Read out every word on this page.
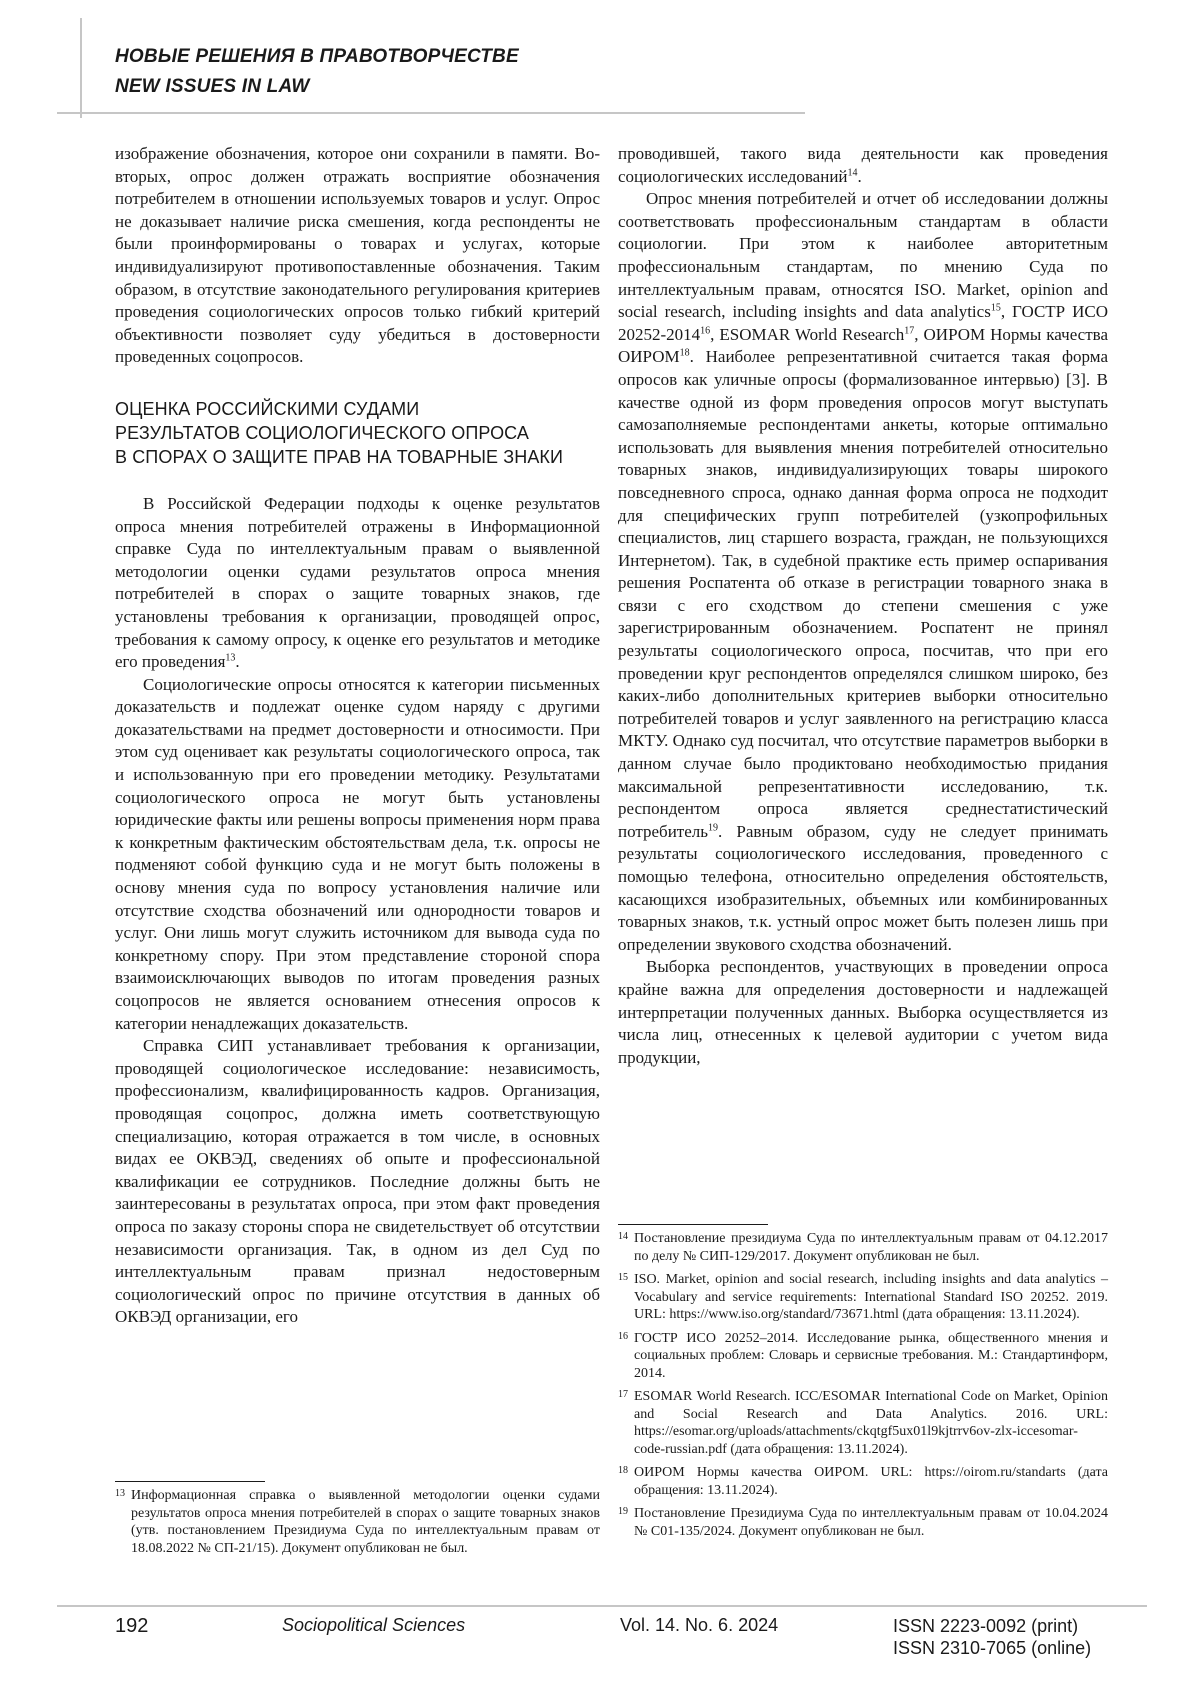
НОВЫЕ РЕШЕНИЯ В ПРАВОТВОРЧЕСТВЕ
NEW ISSUES IN LAW

изображение обозначения, которое они сохранили в памяти. Во-вторых, опрос должен отражать восприятие обозначения потребителем в отношении используемых товаров и услуг. Опрос не доказывает наличие риска смешения, когда респонденты не были проинформированы о товарах и услугах, которые индивидуализируют противопоставленные обозначения. Таким образом, в отсутствие законодательного регулирования критериев проведения социологических опросов только гибкий критерий объективности позволяет суду убедиться в достоверности проведенных соцопросов.

ОЦЕНКА РОССИЙСКИМИ СУДАМИ
РЕЗУЛЬТАТОВ СОЦИОЛОГИЧЕСКОГО ОПРОСА
В СПОРАХ О ЗАЩИТЕ ПРАВ НА ТОВАРНЫЕ ЗНАКИ

В Российской Федерации подходы к оценке результатов опроса мнения потребителей отражены в Информационной справке Суда по интеллектуальным правам о выявленной методологии оценки судами результатов опроса мнения потребителей в спорах о защите товарных знаков, где установлены требования к организации, проводящей опрос, требования к самому опросу, к оценке его результатов и методике его проведения$^{13}$.

Социологические опросы относятся к категории письменных доказательств и подлежат оценке судом наряду с другими доказательствами на предмет достоверности и относимости. При этом суд оценивает как результаты социологического опроса, так и использованную при его проведении методику. Результатами социологического опроса не могут быть установлены юридические факты или решены вопросы применения норм права к конкретным фактическим обстоятельствам дела, т.к. опросы не подменяют собой функцию суда и не могут быть положены в основу мнения суда по вопросу установления наличие или отсутствие сходства обозначений или однородности товаров и услуг. Они лишь могут служить источником для вывода суда по конкретному спору. При этом представление стороной спора взаимоисключающих выводов по итогам проведения разных соцопросов не является основанием отнесения опросов к категории ненадлежащих доказательств.

Справка СИП устанавливает требования к организации, проводящей социологическое исследование: независимость, профессионализм, квалифицированность кадров. Организация, проводящая соцопрос, должна иметь соответствующую специализацию, которая отражается в том числе, в основных видах ее ОКВЭД, сведениях об опыте и профессиональной квалификации ее сотрудников. Последние должны быть не заинтересованы в результатах опроса, при этом факт проведения опроса по заказу стороны спора не свидетельствует об отсутствии независимости организация. Так, в одном из дел Суд по интеллектуальным правам признал недостоверным социологический опрос по причине отсутствия в данных об ОКВЭД организации, его

13 Информационная справка о выявленной методологии оценки судами результатов опроса мнения потребителей в спорах о защите товарных знаков (утв. постановлением Президиума Суда по интеллектуальным правам от 18.08.2022 № СП-21/15). Документ опубликован не был.

проводившей, такого вида деятельности как проведения социологических исследований$^{14}$.

Опрос мнения потребителей и отчет об исследовании должны соответствовать профессиональным стандартам в области социологии. При этом к наиболее авторитетным профессиональным стандартам, по мнению Суда по интеллектуальным правам, относятся ISO. Market, opinion and social research, including insights and data analytics$^{15}$, ГОСТР ИСО 20252-2014$^{16}$, ESOMAR World Research$^{17}$, ОИРОМ Нормы качества ОИРОМ$^{18}$. Наиболее репрезентативной считается такая форма опросов как уличные опросы (формализованное интервью) [3]. В качестве одной из форм проведения опросов могут выступать самозаполняемые респондентами анкеты, которые оптимально использовать для выявления мнения потребителей относительно товарных знаков, индивидуализирующих товары широкого повседневного спроса, однако данная форма опроса не подходит для специфических групп потребителей (узкопрофильных специалистов, лиц старшего возраста, граждан, не пользующихся Интернетом). Так, в судебной практике есть пример оспаривания решения Роспатента об отказе в регистрации товарного знака в связи с его сходством до степени смешения с уже зарегистрированным обозначением. Роспатент не принял результаты социологического опроса, посчитав, что при его проведении круг респондентов определялся слишком широко, без каких-либо дополнительных критериев выборки относительно потребителей товаров и услуг заявленного на регистрацию класса МКТУ. Однако суд посчитал, что отсутствие параметров выборки в данном случае было продиктовано необходимостью придания максимальной репрезентативности исследованию, т.к. респондентом опроса является среднестатистический потребитель$^{19}$. Равным образом, суду не следует принимать результаты социологического исследования, проведенного с помощью телефона, относительно определения обстоятельств, касающихся изобразительных, объемных или комбинированных товарных знаков, т.к. устный опрос может быть полезен лишь при определении звукового сходства обозначений.

Выборка респондентов, участвующих в проведении опроса крайне важна для определения достоверности и надлежащей интерпретации полученных данных. Выборка осуществляется из числа лиц, отнесенных к целевой аудитории с учетом вида продукции,

14 Постановление президиума Суда по интеллектуальным правам от 04.12.2017 по делу № СИП-129/2017. Документ опубликован не был.
15 ISO. Market, opinion and social research, including insights and data analytics – Vocabulary and service requirements: International Standard ISO 20252. 2019. URL: https://www.iso.org/standard/73671.html (дата обращения: 13.11.2024).
16 ГОСТР ИСО 20252–2014. Исследование рынка, общественного мнения и социальных проблем: Словарь и сервисные требования. М.: Стандартинформ, 2014.
17 ESOMAR World Research. ICC/ESOMAR International Code on Market, Opinion and Social Research and Data Analytics. 2016. URL: https://esomar.org/uploads/attachments/ckqtgf5ux01l9kjtrrv6ov-zlx-iccesomar-code-russian.pdf (дата обращения: 13.11.2024).
18 ОИРОМ Нормы качества ОИРОМ. URL: https://oirom.ru/standarts (дата обращения: 13.11.2024).
19 Постановление Президиума Суда по интеллектуальным правам от 10.04.2024 № С01-135/2024. Документ опубликован не был.
192	Sociopolitical Sciences	Vol. 14. No. 6. 2024	ISSN 2223-0092 (print)
ISSN 2310-7065 (online)
